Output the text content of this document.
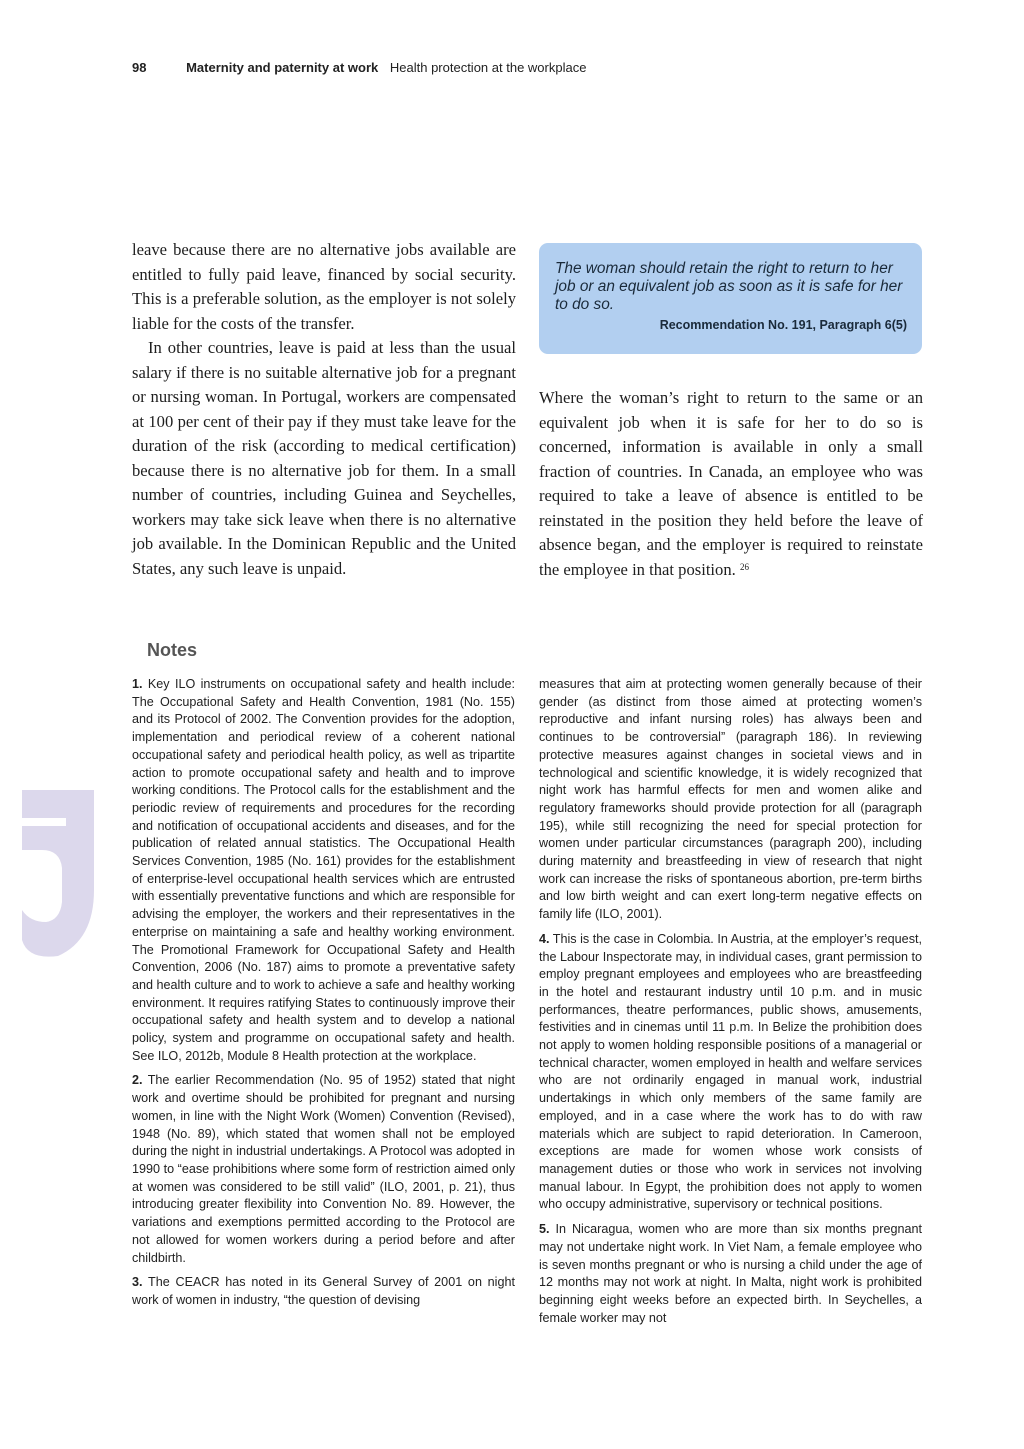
98	Maternity and paternity at work Health protection at the workplace

leave because there are no alternative jobs available are entitled to fully paid leave, financed by social security. This is a preferable solution, as the employer is not solely liable for the costs of the transfer.

In other countries, leave is paid at less than the usual salary if there is no suitable alternative job for a pregnant or nursing woman. In Portugal, workers are compensated at 100 per cent of their pay if they must take leave for the duration of the risk (according to medical certification) because there is no alternative job for them. In a small number of countries, including Guinea and Seychelles, workers may take sick leave when there is no alternative job available. In the Dominican Republic and the United States, any such leave is unpaid.

The woman should retain the right to return to her job or an equivalent job as soon as it is safe for her to do so.

Recommendation No. 191, Paragraph 6(5)

Where the woman’s right to return to the same or an equivalent job when it is safe for her to do so is concerned, information is available in only a small fraction of countries. In Canada, an employee who was required to take a leave of absence is entitled to be reinstated in the position they held before the leave of absence began, and the employer is required to reinstate the employee in that position. $^{26}$

Notes

1. Key ILO instruments on occupational safety and health include: The Occupational Safety and Health Convention, 1981 (No. 155) and its Protocol of 2002. The Convention provides for the adoption, implementation and periodical review of a coherent national occupational safety and periodical health policy, as well as tripartite action to promote occupational safety and health and to improve working conditions. The Protocol calls for the establishment and the periodic review of requirements and procedures for the recording and notification of occupational accidents and diseases, and for the publication of related annual statistics. The Occupational Health Services Convention, 1985 (No. 161) provides for the establishment of enterprise-level occupational health services which are entrusted with essentially preventative functions and which are responsible for advising the employer, the workers and their representatives in the enterprise on maintaining a safe and healthy working environment. The Promotional Framework for Occupational Safety and Health Convention, 2006 (No. 187) aims to promote a preventative safety and health culture and to work to achieve a safe and healthy working environment. It requires ratifying States to continuously improve their occupational safety and health system and to develop a national policy, system and programme on occupational safety and health. See ILO, 2012b, Module 8 Health protection at the workplace.

2. The earlier Recommendation (No. 95 of 1952) stated that night work and overtime should be prohibited for pregnant and nursing women, in line with the Night Work (Women) Convention (Revised), 1948 (No. 89), which stated that women shall not be employed during the night in industrial undertakings. A Protocol was adopted in 1990 to “ease prohibitions where some form of restriction aimed only at women was considered to be still valid” (ILO, 2001, p. 21), thus introducing greater flexibility into Convention No. 89. However, the variations and exemptions permitted according to the Protocol are not allowed for women workers during a period before and after childbirth.

3. The CEACR has noted in its General Survey of 2001 on night work of women in industry, “the question of devising

measures that aim at protecting women generally because of their gender (as distinct from those aimed at protecting women’s reproductive and infant nursing roles) has always been and continues to be controversial” (paragraph 186). In reviewing protective measures against changes in societal views and in technological and scientific knowledge, it is widely recognized that night work has harmful effects for men and women alike and regulatory frameworks should provide protection for all (paragraph 195), while still recognizing the need for special protection for women under particular circumstances (paragraph 200), including during maternity and breastfeeding in view of research that night work can increase the risks of spontaneous abortion, pre-term births and low birth weight and can exert long-term negative effects on family life (ILO, 2001).

4. This is the case in Colombia. In Austria, at the employer’s request, the Labour Inspectorate may, in individual cases, grant permission to employ pregnant employees and employees who are breastfeeding in the hotel and restaurant industry until 10 p.m. and in music performances, theatre performances, public shows, amusements, festivities and in cinemas until 11 p.m. In Belize the prohibition does not apply to women holding responsible positions of a managerial or technical character, women employed in health and welfare services who are not ordinarily engaged in manual work, industrial undertakings in which only members of the same family are employed, and in a case where the work has to do with raw materials which are subject to rapid deterioration. In Cameroon, exceptions are made for women whose work consists of management duties or those who work in services not involving manual labour. In Egypt, the prohibition does not apply to women who occupy administrative, supervisory or technical positions.

5. In Nicaragua, women who are more than six months pregnant may not undertake night work. In Viet Nam, a female employee who is seven months pregnant or who is nursing a child under the age of 12 months may not work at night. In Malta, night work is prohibited beginning eight weeks before an expected birth. In Seychelles, a female worker may not
